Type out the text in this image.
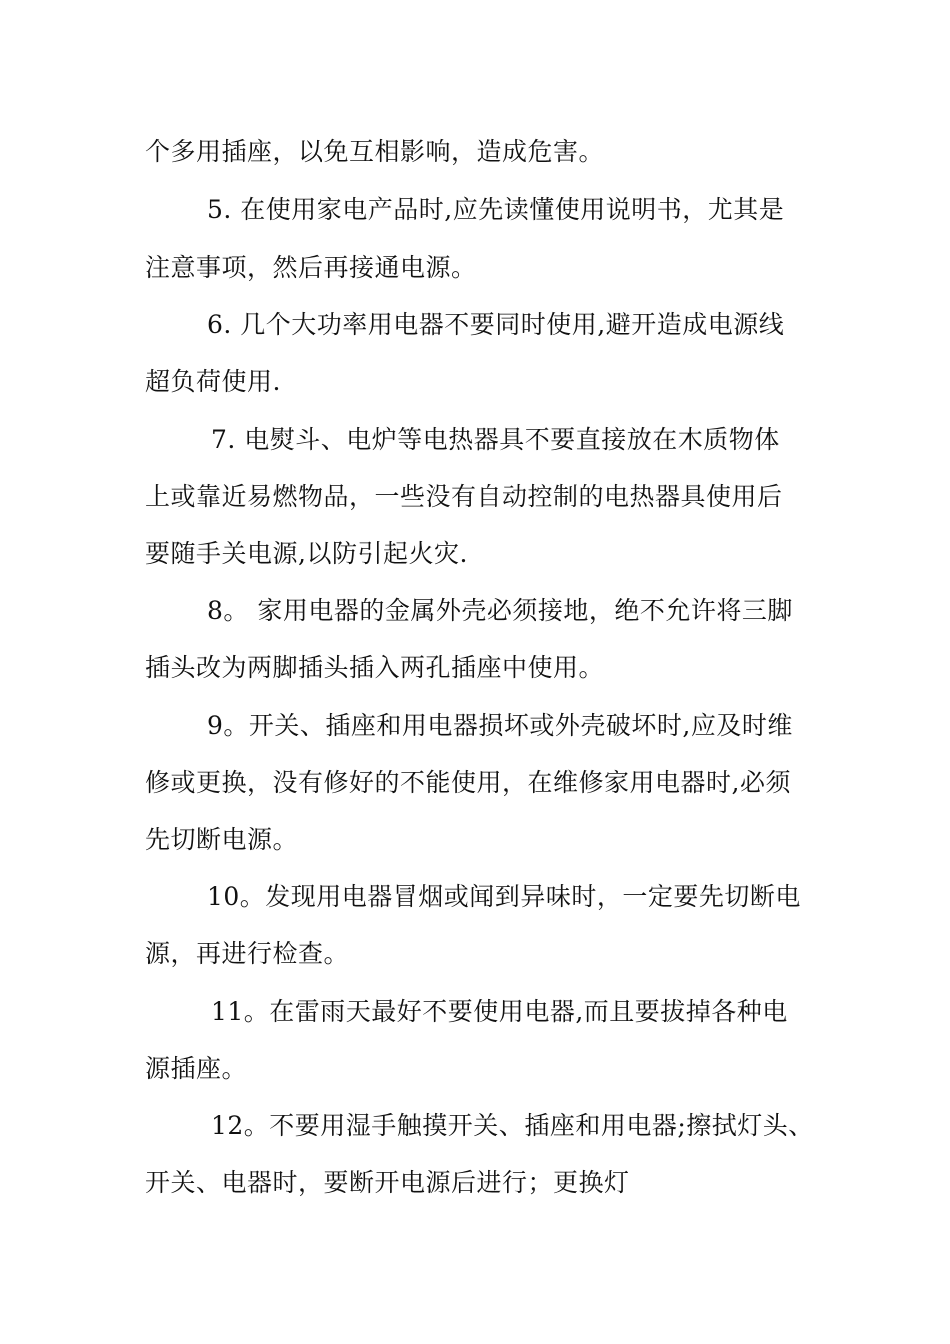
个多用插座，以免互相影响，造成危害。
5. 在使用家电产品时,应先读懂使用说明书，尤其是
注意事项，然后再接通电源。
6. 几个大功率用电器不要同时使用,避开造成电源线
超负荷使用.
7. 电熨斗、电炉等电热器具不要直接放在木质物体
上或靠近易燃物品，一些没有自动控制的电热器具使用后
要随手关电源,以防引起火灾.
8。 家用电器的金属外壳必须接地，绝不允许将三脚
插头改为两脚插头插入两孔插座中使用。
9。开关、插座和用电器损坏或外壳破坏时,应及时维
修或更换，没有修好的不能使用，在维修家用电器时,必须
先切断电源。
10。发现用电器冒烟或闻到异味时，一定要先切断电
源，再进行检查。
11。在雷雨天最好不要使用电器,而且要拔掉各种电
源插座。
12。不要用湿手触摸开关、插座和用电器;擦拭灯头、
开关、电器时，要断开电源后进行；更换灯
